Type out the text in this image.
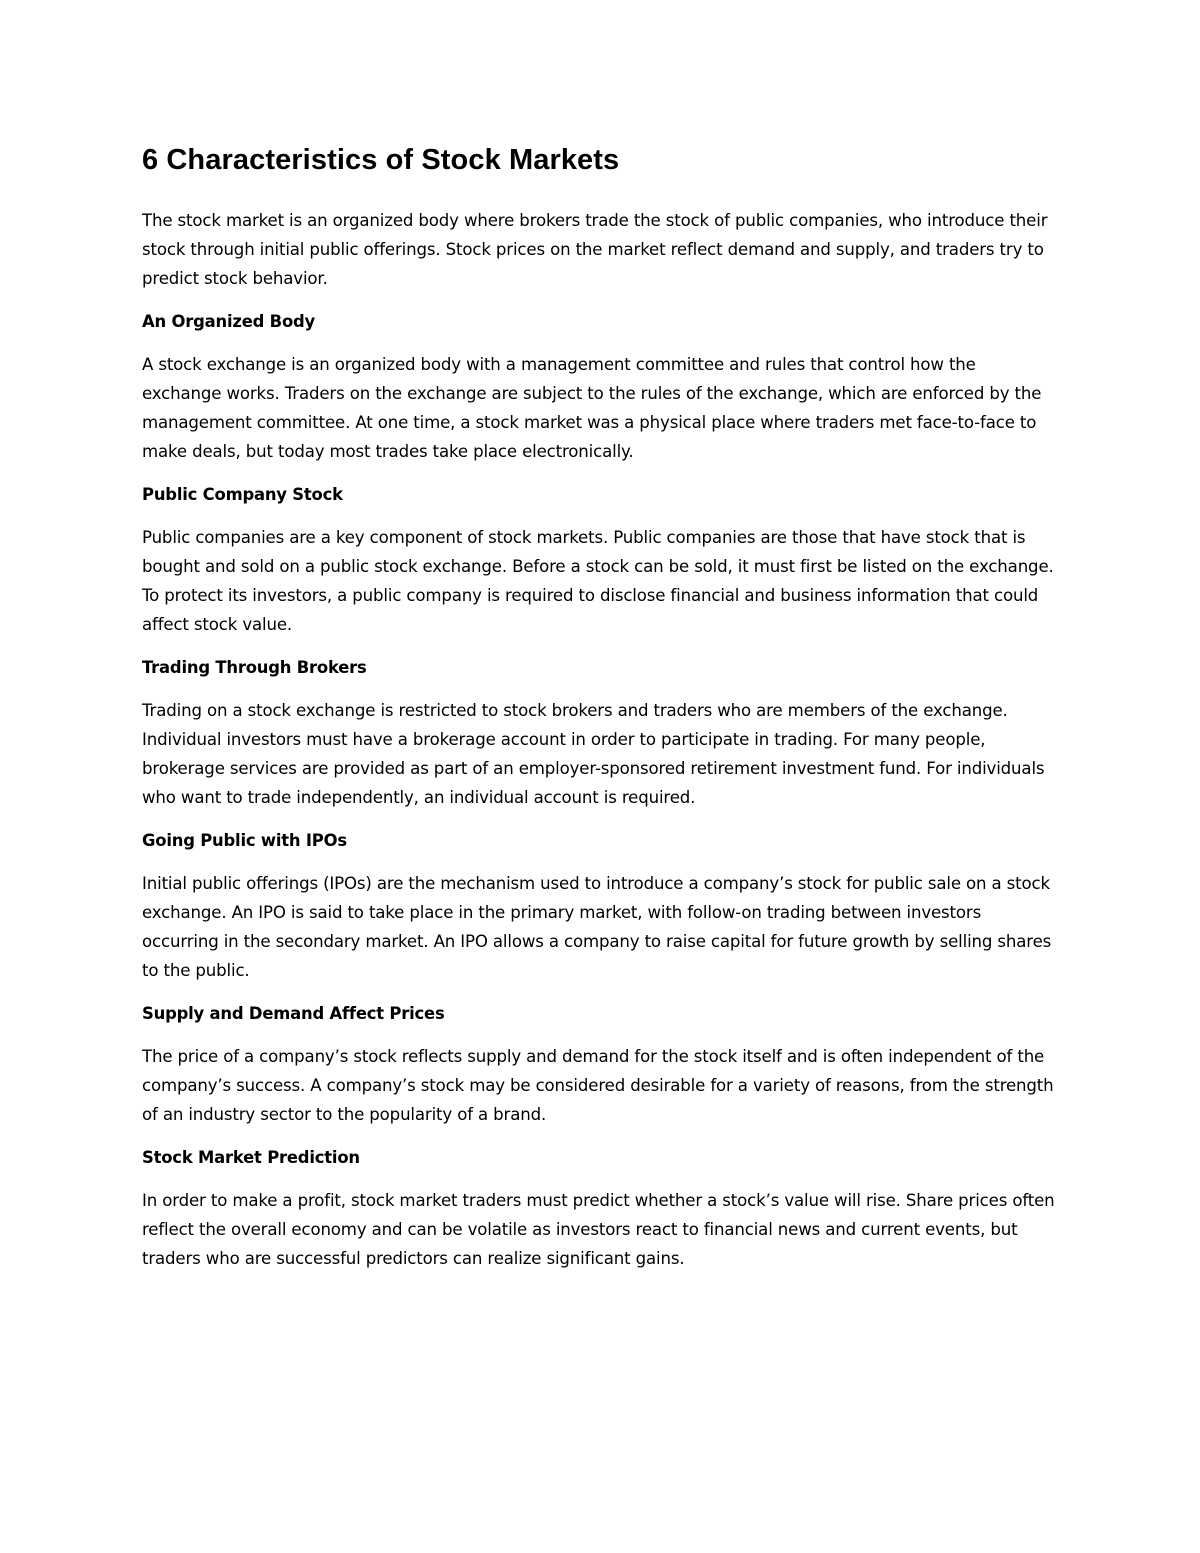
6 Characteristics of Stock Markets

The stock market is an organized body where brokers trade the stock of public companies, who introduce their stock through initial public offerings. Stock prices on the market reflect demand and supply, and traders try to predict stock behavior.

An Organized Body

A stock exchange is an organized body with a management committee and rules that control how the exchange works. Traders on the exchange are subject to the rules of the exchange, which are enforced by the management committee. At one time, a stock market was a physical place where traders met face-to-face to make deals, but today most trades take place electronically.

Public Company Stock

Public companies are a key component of stock markets. Public companies are those that have stock that is bought and sold on a public stock exchange. Before a stock can be sold, it must first be listed on the exchange. To protect its investors, a public company is required to disclose financial and business information that could affect stock value.

Trading Through Brokers

Trading on a stock exchange is restricted to stock brokers and traders who are members of the exchange. Individual investors must have a brokerage account in order to participate in trading. For many people, brokerage services are provided as part of an employer-sponsored retirement investment fund. For individuals who want to trade independently, an individual account is required.

Going Public with IPOs

Initial public offerings (IPOs) are the mechanism used to introduce a company’s stock for public sale on a stock exchange. An IPO is said to take place in the primary market, with follow-on trading between investors occurring in the secondary market. An IPO allows a company to raise capital for future growth by selling shares to the public.

Supply and Demand Affect Prices

The price of a company’s stock reflects supply and demand for the stock itself and is often independent of the company’s success. A company’s stock may be considered desirable for a variety of reasons, from the strength of an industry sector to the popularity of a brand.

Stock Market Prediction

In order to make a profit, stock market traders must predict whether a stock’s value will rise. Share prices often reflect the overall economy and can be volatile as investors react to financial news and current events, but traders who are successful predictors can realize significant gains.
